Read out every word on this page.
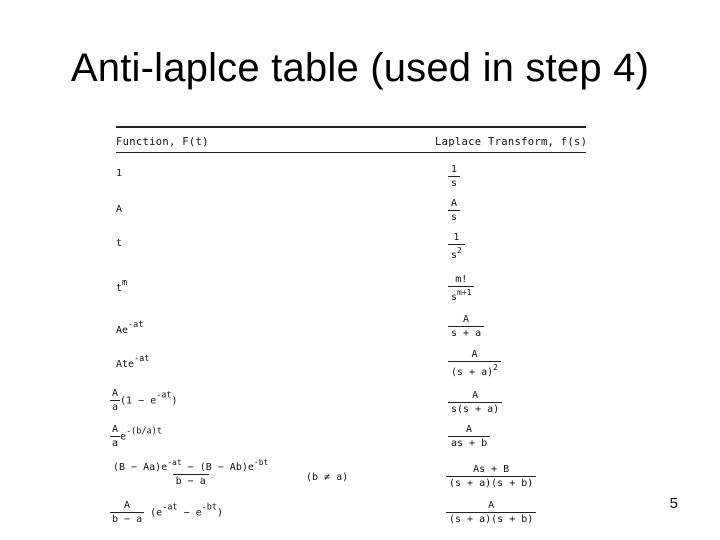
Anti-laplce table (used in step 4)
Function, F(t)	Laplace Transform, f(s)
1	$\frac{1}{s}$
A	$\frac{A}{s}$
t	$\frac{1}{s^2}$
$t^m$	$\frac{m!}{s^{m+1}}$
$Ae^{-at}$	$\frac{A}{s + a}$
Ate$^{-at}$	$\frac{A}{(s + a)^2}$
$\frac{A}{a} (1 - e^{-at})$	$\frac{A}{s(s + a)}$
$\frac{A}{a} e^{-(b/a)t}$	$\frac{A}{as + b}$
$\frac{(B - Aa)e^{-at} - (B - Ab)e^{-bt}}{b - a}$	(b ≠ a)	$\frac{As + B}{(s + a)(s + b)}$
$\frac{A}{b - a} (e^{-at} - e^{-bt})$	$\frac{A}{(s + a)(s + b)}$	5
